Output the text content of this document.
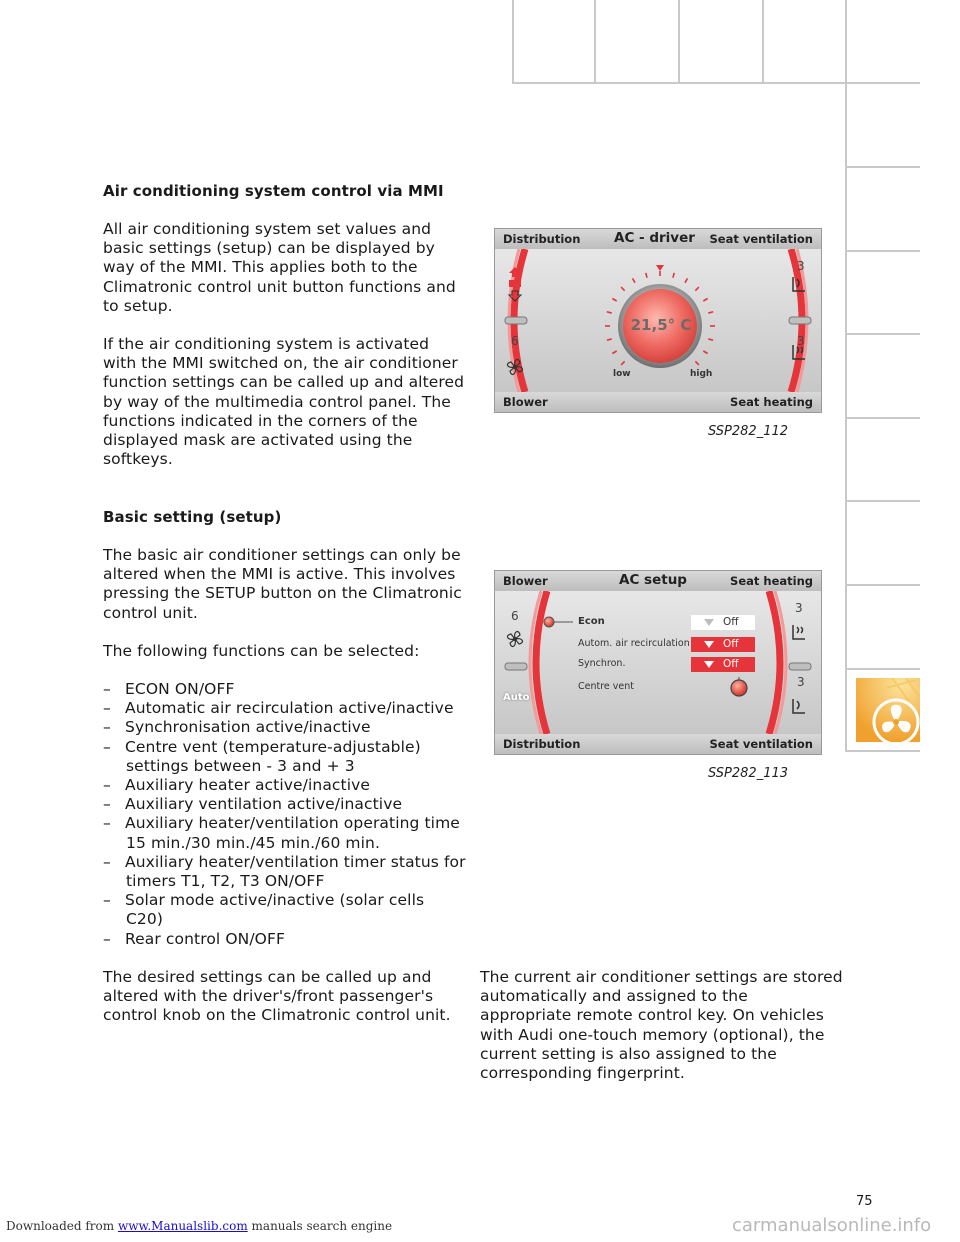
Air conditioning system control via MMI
All air conditioning system set values and
basic settings (setup) can be displayed by
way of the MMI. This applies both to the
Climatronic control unit button functions and
to setup.
If the air conditioning system is activated
with the MMI switched on, the air conditioner
function settings can be called up and altered
by way of the multimedia control panel. The
functions indicated in the corners of the
displayed mask are activated using the
softkeys.
Basic setting (setup)
The basic air conditioner settings can only be
altered when the MMI is active. This involves
pressing the SETUP button on the Climatronic
control unit.
The following functions can be selected:
– ECON ON/OFF
– Automatic air recirculation active/inactive
– Synchronisation active/inactive
– Centre vent (temperature-adjustable)
settings between - 3 and + 3
– Auxiliary heater active/inactive
– Auxiliary ventilation active/inactive
– Auxiliary heater/ventilation operating time
15 min./30 min./45 min./60 min.
– Auxiliary heater/ventilation timer status for
timers T1, T2, T3 ON/OFF
– Solar mode active/inactive (solar cells
C20)
– Rear control ON/OFF
The desired settings can be called up and
altered with the driver's/front passenger's
control knob on the Climatronic control unit.
The current air conditioner settings are stored
automatically and assigned to the
appropriate remote control key. On vehicles
with Audi one-touch memory (optional), the
current setting is also assigned to the
corresponding fingerprint.
Distribution AC - driver Seat ventilation
21,5° C
low	high
6
3
3
Blower	Seat heating
SSP282_112
Blower	AC setup	Seat heating
6
Auto
3
3
Econ	Off
Autom. air recirculation	Off
Synchron.	Off
Centre vent
Distribution	Seat ventilation
SSP282_113
75
Downloaded from www.Manualslib.com manuals search engine	carmanualsonline.info
